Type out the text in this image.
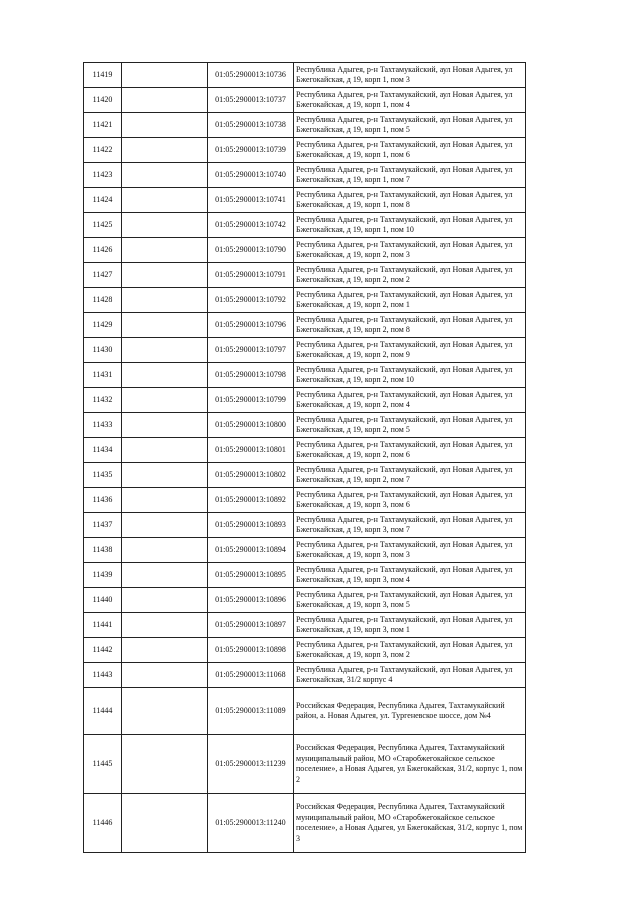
11419		01:05:2900013:10736	Республика Адыгея, р-н Тахтамукайский, аул Новая Адыгея, ул Бжегокайская, д 19, корп 1, пом 3
11420		01:05:2900013:10737	Республика Адыгея, р-н Тахтамукайский, аул Новая Адыгея, ул Бжегокайская, д 19, корп 1, пом 4
11421		01:05:2900013:10738	Республика Адыгея, р-н Тахтамукайский, аул Новая Адыгея, ул Бжегокайская, д 19, корп 1, пом 5
11422		01:05:2900013:10739	Республика Адыгея, р-н Тахтамукайский, аул Новая Адыгея, ул Бжегокайская, д 19, корп 1, пом 6
11423		01:05:2900013:10740	Республика Адыгея, р-н Тахтамукайский, аул Новая Адыгея, ул Бжегокайская, д 19, корп 1, пом 7
11424		01:05:2900013:10741	Республика Адыгея, р-н Тахтамукайский, аул Новая Адыгея, ул Бжегокайская, д 19, корп 1, пом 8
11425		01:05:2900013:10742	Республика Адыгея, р-н Тахтамукайский, аул Новая Адыгея, ул Бжегокайская, д 19, корп 1, пом 10
11426		01:05:2900013:10790	Республика Адыгея, р-н Тахтамукайский, аул Новая Адыгея, ул Бжегокайская, д 19, корп 2, пом 3
11427		01:05:2900013:10791	Республика Адыгея, р-н Тахтамукайский, аул Новая Адыгея, ул Бжегокайская, д 19, корп 2, пом 2
11428		01:05:2900013:10792	Республика Адыгея, р-н Тахтамукайский, аул Новая Адыгея, ул Бжегокайская, д 19, корп 2, пом 1
11429		01:05:2900013:10796	Республика Адыгея, р-н Тахтамукайский, аул Новая Адыгея, ул Бжегокайская, д 19, корп 2, пом 8
11430		01:05:2900013:10797	Республика Адыгея, р-н Тахтамукайский, аул Новая Адыгея, ул Бжегокайская, д 19, корп 2, пом 9
11431		01:05:2900013:10798	Республика Адыгея, р-н Тахтамукайский, аул Новая Адыгея, ул Бжегокайская, д 19, корп 2, пом 10
11432		01:05:2900013:10799	Республика Адыгея, р-н Тахтамукайский, аул Новая Адыгея, ул Бжегокайская, д 19, корп 2, пом 4
11433		01:05:2900013:10800	Республика Адыгея, р-н Тахтамукайский, аул Новая Адыгея, ул Бжегокайская, д 19, корп 2, пом 5
11434		01:05:2900013:10801	Республика Адыгея, р-н Тахтамукайский, аул Новая Адыгея, ул Бжегокайская, д 19, корп 2, пом 6
11435		01:05:2900013:10802	Республика Адыгея, р-н Тахтамукайский, аул Новая Адыгея, ул Бжегокайская, д 19, корп 2, пом 7
11436		01:05:2900013:10892	Республика Адыгея, р-н Тахтамукайский, аул Новая Адыгея, ул Бжегокайская, д 19, корп 3, пом 6
11437		01:05:2900013:10893	Республика Адыгея, р-н Тахтамукайский, аул Новая Адыгея, ул Бжегокайская, д 19, корп 3, пом 7
11438		01:05:2900013:10894	Республика Адыгея, р-н Тахтамукайский, аул Новая Адыгея, ул Бжегокайская, д 19, корп 3, пом 3
11439		01:05:2900013:10895	Республика Адыгея, р-н Тахтамукайский, аул Новая Адыгея, ул Бжегокайская, д 19, корп 3, пом 4
11440		01:05:2900013:10896	Республика Адыгея, р-н Тахтамукайский, аул Новая Адыгея, ул Бжегокайская, д 19, корп 3, пом 5
11441		01:05:2900013:10897	Республика Адыгея, р-н Тахтамукайский, аул Новая Адыгея, ул Бжегокайская, д 19, корп 3, пом 1
11442		01:05:2900013:10898	Республика Адыгея, р-н Тахтамукайский, аул Новая Адыгея, ул Бжегокайская, д 19, корп 3, пом 2
11443		01:05:2900013:11068	Республика Адыгея, р-н Тахтамукайский, аул Новая Адыгея, ул Бжегокайская, 31/2 корпус 4
11444		01:05:2900013:11089	Российская Федерация, Республика Адыгея, Тахтамукайский район, а. Новая Адыгея, ул. Тургеневское шоссе, дом №4
11445		01:05:2900013:11239	Российская Федерация, Республика Адыгея, Тахтамукайский муниципальный район, МО «Старобжегокайское сельское поселение», а Новая Адыгея, ул Бжегокайская, 31/2, корпус 1, пом 2
11446		01:05:2900013:11240	Российская Федерация, Республика Адыгея, Тахтамукайский муниципальный район, МО «Старобжегокайское сельское поселение», а Новая Адыгея, ул Бжегокайская, 31/2, корпус 1, пом 3
